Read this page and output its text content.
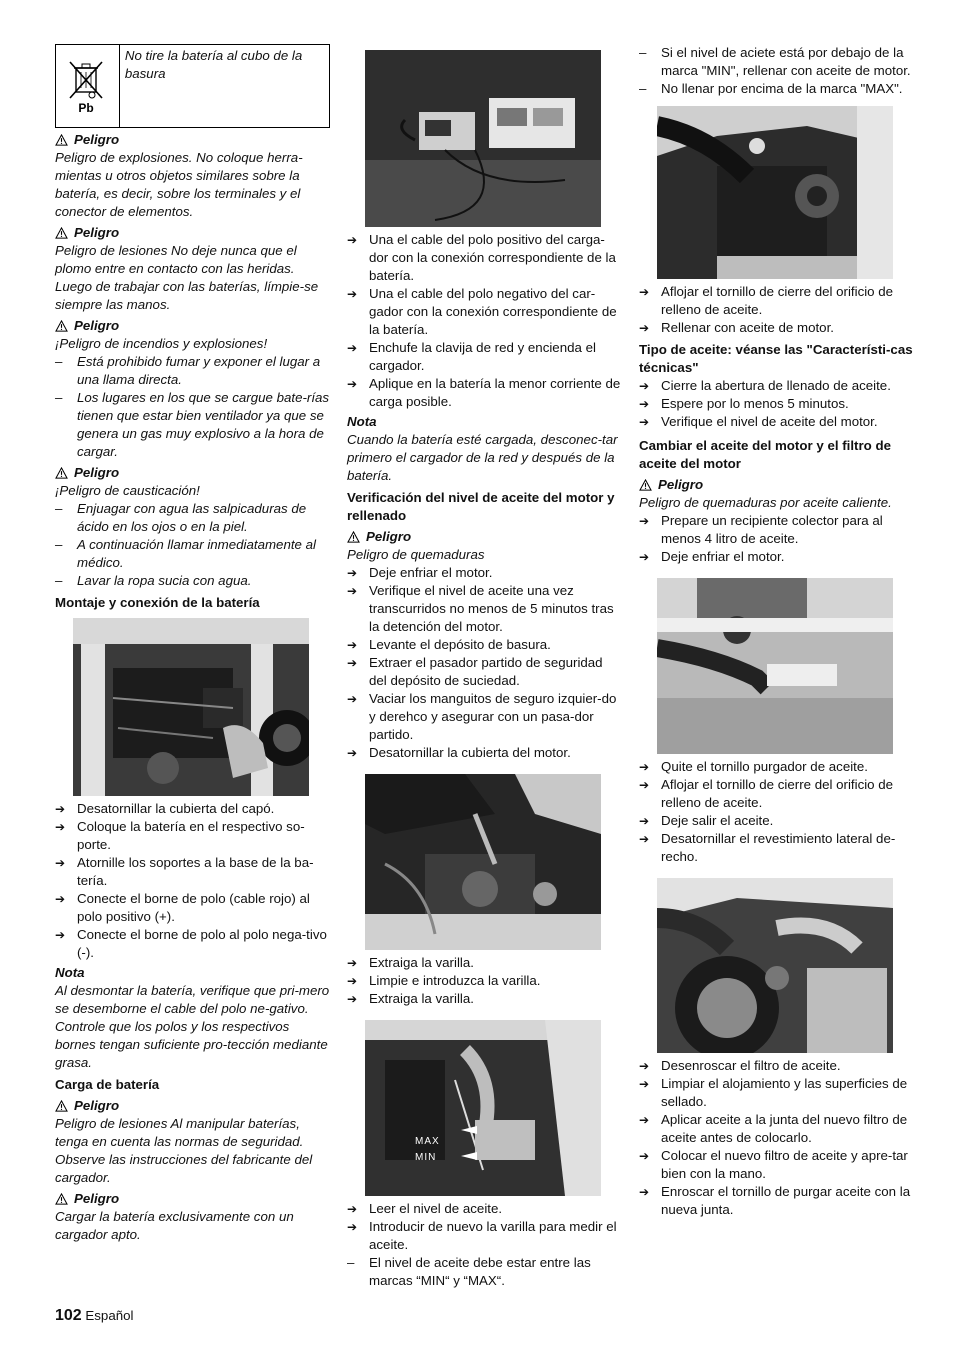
Pb
No tire la batería al cubo de la basura
Peligro

Peligro de explosiones. No coloque herra-mientas u otros objetos similares sobre la batería, es decir, sobre los terminales y el conector de elementos.

Peligro

Peligro de lesiones No deje nunca que el plomo entre en contacto con las heridas. Luego de trabajar con las baterías, límpie-se siempre las manos.

Peligro

¡Peligro de incendios y explosiones!

–	Está prohibido fumar y exponer el lugar a una llama directa.
–	Los lugares en los que se cargue bate-rías tienen que estar bien ventilador ya que se genera un gas muy explosivo a la hora de cargar.
Peligro

¡Peligro de causticación!

–	Enjuagar con agua las salpicaduras de ácido en los ojos o en la piel.
–	A continuación llamar inmediatamente al médico.
–	Lavar la ropa sucia con agua.

Montaje y conexión de la batería

➔ Desatornillar la cubierta del capó.
➔ Coloque la batería en el respectivo so-porte.
➔ Atornille los soportes a la base de la ba-tería.
➔ Conecte el borne de polo (cable rojo) al polo positivo (+).
➔ Conecte el borne de polo al polo nega-tivo (-).

Nota

Al desmontar la batería, verifique que pri-mero se desemborne el cable del polo ne-gativo. Controle que los polos y los respectivos bornes tengan suficiente pro-tección mediante grasa.

Carga de batería

Peligro

Peligro de lesiones Al manipular baterías, tenga en cuenta las normas de seguridad. Observe las instrucciones del fabricante del cargador.

Peligro

Cargar la batería exclusivamente con un cargador apto.

➔ Una el cable del polo positivo del carga-dor con la conexión correspondiente de la batería.
➔ Una el cable del polo negativo del car-gador con la conexión correspondiente de la batería.
➔ Enchufe la clavija de red y encienda el cargador.
➔ Aplique en la batería la menor corriente de carga posible.

Nota

Cuando la batería esté cargada, desconec-tar primero el cargador de la red y después de la batería.

Verificación del nivel de aceite del motor y rellenado

Peligro

Peligro de quemaduras

➔ Deje enfriar el motor.
➔ Verifique el nivel de aceite una vez transcurridos no menos de 5 minutos tras la detención del motor.
➔ Levante el depósito de basura.
➔ Extraer el pasador partido de seguridad del depósito de suciedad.
➔ Vaciar los manguitos de seguro izquier-do y derehco y asegurar con un pasa-dor partido.
➔ Desatornillar la cubierta del motor.
➔ Extraiga la varilla.
➔ Limpie e introduzca la varilla.
➔ Extraiga la varilla.
MAX
MIN
➔ Leer el nivel de aceite.
➔ Introducir de nuevo la varilla para medir el aceite.
–	El nivel de aceite debe estar entre las marcas “MIN“ y “MAX“.
–	Si el nivel de aciete está por debajo de la marca "MIN", rellenar con aceite de motor.
–	No llenar por encima de la marca "MAX".
➔ Aflojar el tornillo de cierre del orificio de relleno de aceite.
➔ Rellenar con aceite de motor.

Tipo de aceite: véanse las "Característi-cas técnicas"

➔ Cierre la abertura de llenado de aceite.
➔ Espere por lo menos 5 minutos.
➔ Verifique el nivel de aceite del motor.

Cambiar el aceite del motor y el filtro de aceite del motor

Peligro

Peligro de quemaduras por aceite caliente.

➔ Prepare un recipiente colector para al menos 4 litro de aceite.
➔ Deje enfriar el motor.
➔ Quite el tornillo purgador de aceite.
➔ Aflojar el tornillo de cierre del orificio de relleno de aceite.
➔ Deje salir el aceite.
➔ Desatornillar el revestimiento lateral de-recho.
➔ Desenroscar el filtro de aceite.
➔ Limpiar el alojamiento y las superficies de sellado.
➔ Aplicar aceite a la junta del nuevo filtro de aceite antes de colocarlo.
➔ Colocar el nuevo filtro de aceite y apre-tar bien con la mano.
➔ Enroscar el tornillo de purgar aceite con la nueva junta.
102 Español
